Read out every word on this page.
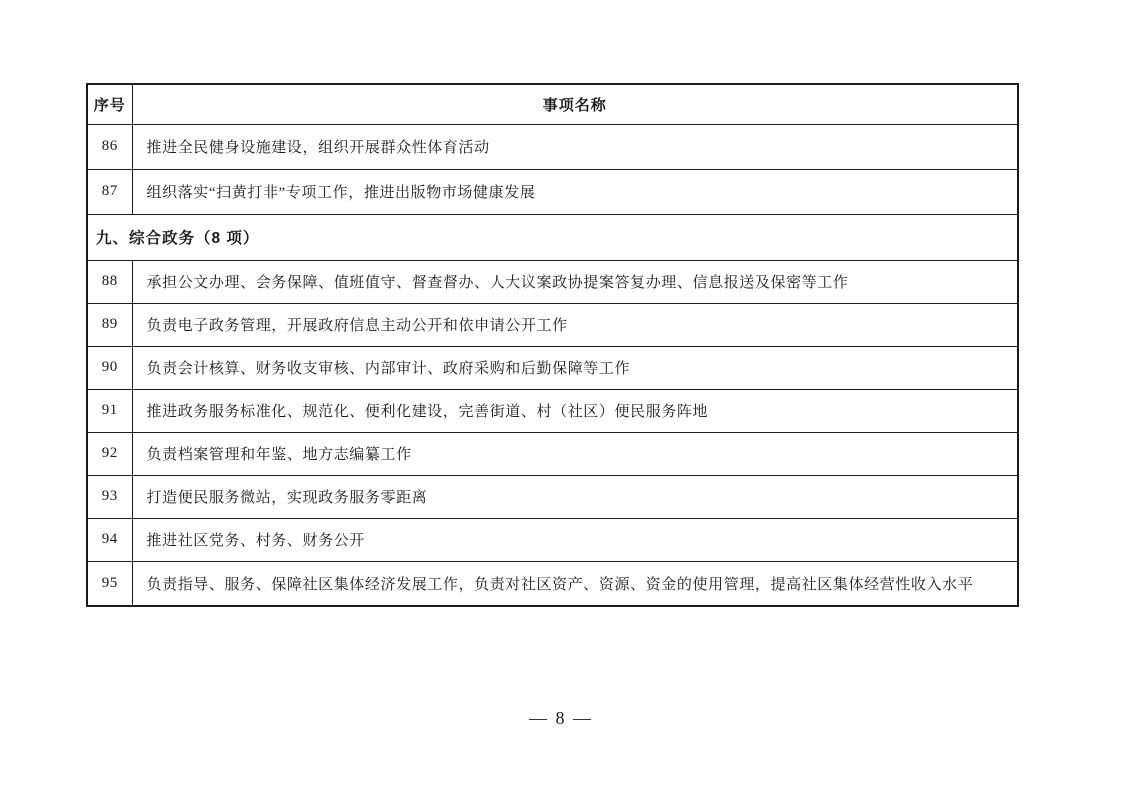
序号	事项名称
86	推进全民健身设施建设，组织开展群众性体育活动
87	组织落实“扫黄打非”专项工作，推进出版物市场健康发展
九、综合政务（8 项）	
88	承担公文办理、会务保障、值班值守、督查督办、人大议案政协提案答复办理、信息报送及保密等工作
89	负责电子政务管理，开展政府信息主动公开和依申请公开工作
90	负责会计核算、财务收支审核、内部审计、政府采购和后勤保障等工作
91	推进政务服务标准化、规范化、便利化建设，完善街道、村（社区）便民服务阵地
92	负责档案管理和年鉴、地方志编纂工作
93	打造便民服务微站，实现政务服务零距离
94	推进社区党务、村务、财务公开
95	负责指导、服务、保障社区集体经济发展工作，负责对社区资产、资源、资金的使用管理，提高社区集体经营性收入水平
— 8 —
